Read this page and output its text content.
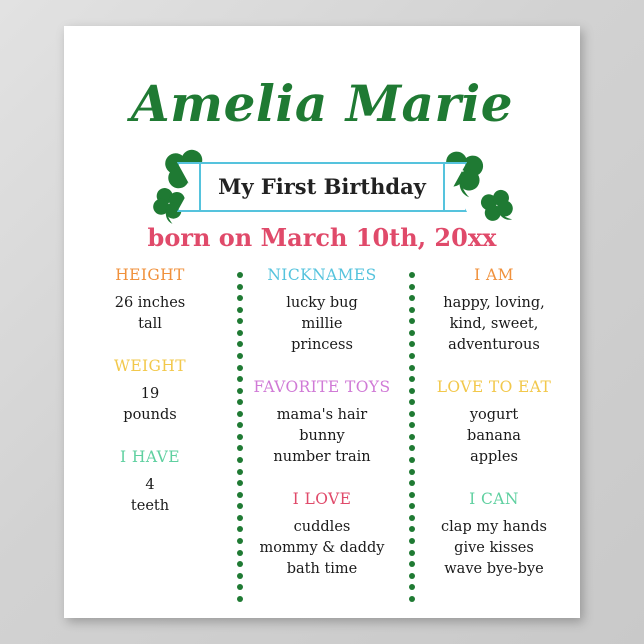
Amelia Marie
My First Birthday
born on March 10th, 20xx
HEIGHT
26 inches
tall
WEIGHT
19
pounds
I HAVE
4
teeth
NICKNAMES
lucky bug
millie
princess
FAVORITE TOYS
mama's hair
bunny
number train
I LOVE
cuddles
mommy & daddy
bath time
I AM
happy, loving,
kind, sweet,
adventurous
LOVE TO EAT
yogurt
banana
apples
I CAN
clap my hands
give kisses
wave bye-bye
